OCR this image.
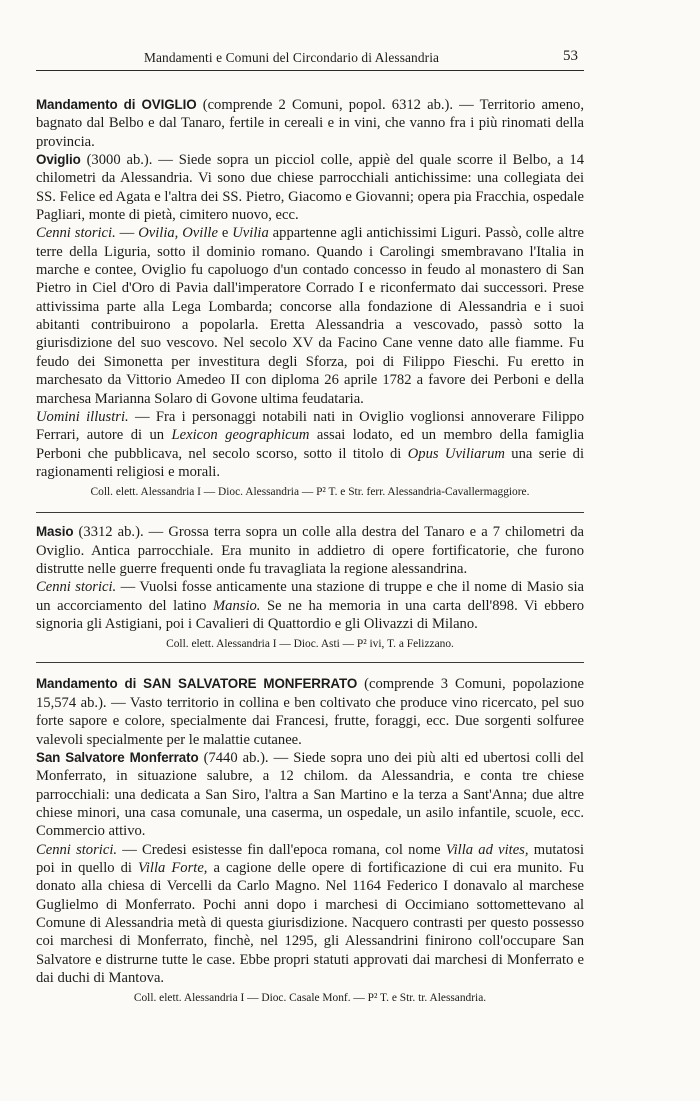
Mandamenti e Comuni del Circondario di Alessandria	53

Mandamento di OVIGLIO (comprende 2 Comuni, popol. 6312 ab.). — Territorio ameno, bagnato dal Belbo e dal Tanaro, fertile in cereali e in vini, che vanno fra i più rinomati della provincia.

Oviglio (3000 ab.). — Siede sopra un picciol colle, appiè del quale scorre il Belbo, a 14 chilometri da Alessandria. Vi sono due chiese parrocchiali antichissime: una collegiata dei SS. Felice ed Agata e l'altra dei SS. Pietro, Giacomo e Giovanni; opera pia Fracchia, ospedale Pagliari, monte di pietà, cimitero nuovo, ecc.

Cenni storici. — Ovilia, Oville e Uvilia appartenne agli antichissimi Liguri. Passò, colle altre terre della Liguria, sotto il dominio romano. Quando i Carolingi smembravano l'Italia in marche e contee, Oviglio fu capoluogo d'un contado concesso in feudo al monastero di San Pietro in Ciel d'Oro di Pavia dall'imperatore Corrado I e riconfermato dai successori. Prese attivissima parte alla Lega Lombarda; concorse alla fondazione di Alessandria e i suoi abitanti contribuirono a popolarla. Eretta Alessandria a vescovado, passò sotto la giurisdizione del suo vescovo. Nel secolo XV da Facino Cane venne dato alle fiamme. Fu feudo dei Simonetta per investitura degli Sforza, poi di Filippo Fieschi. Fu eretto in marchesato da Vittorio Amedeo II con diploma 26 aprile 1782 a favore dei Perboni e della marchesa Marianna Solaro di Govone ultima feudataria.

Uomini illustri. — Fra i personaggi notabili nati in Oviglio voglionsi annoverare Filippo Ferrari, autore di un Lexicon geographicum assai lodato, ed un membro della famiglia Perboni che pubblicava, nel secolo scorso, sotto il titolo di Opus Uviliarum una serie di ragionamenti religiosi e morali.

Coll. elett. Alessandria I — Dioc. Alessandria — P² T. e Str. ferr. Alessandria-Cavallermaggiore.

Masio (3312 ab.). — Grossa terra sopra un colle alla destra del Tanaro e a 7 chilometri da Oviglio. Antica parrocchiale. Era munito in addietro di opere fortificatorie, che furono distrutte nelle guerre frequenti onde fu travagliata la regione alessandrina.

Cenni storici. — Vuolsi fosse anticamente una stazione di truppe e che il nome di Masio sia un accorciamento del latino Mansio. Se ne ha memoria in una carta dell'898. Vi ebbero signoria gli Astigiani, poi i Cavalieri di Quattordio e gli Olivazzi di Milano.

Coll. elett. Alessandria I — Dioc. Asti — P² ivi, T. a Felizzano.

Mandamento di SAN SALVATORE MONFERRATO (comprende 3 Comuni, popolazione 15,574 ab.). — Vasto territorio in collina e ben coltivato che produce vino ricercato, pel suo forte sapore e colore, specialmente dai Francesi, frutte, foraggi, ecc. Due sorgenti solfuree valevoli specialmente per le malattie cutanee.

San Salvatore Monferrato (7440 ab.). — Siede sopra uno dei più alti ed ubertosi colli del Monferrato, in situazione salubre, a 12 chilom. da Alessandria, e conta tre chiese parrocchiali: una dedicata a San Siro, l'altra a San Martino e la terza a Sant'Anna; due altre chiese minori, una casa comunale, una caserma, un ospedale, un asilo infantile, scuole, ecc. Commercio attivo.

Cenni storici. — Credesi esistesse fin dall'epoca romana, col nome Villa ad vites, mutatosi poi in quello di Villa Forte, a cagione delle opere di fortificazione di cui era munito. Fu donato alla chiesa di Vercelli da Carlo Magno. Nel 1164 Federico I donavalo al marchese Guglielmo di Monferrato. Pochi anni dopo i marchesi di Occimiano sottomettevano al Comune di Alessandria metà di questa giurisdizione. Nacquero contrasti per questo possesso coi marchesi di Monferrato, finchè, nel 1295, gli Alessandrini finirono coll'occupare San Salvatore e distrurne tutte le case. Ebbe propri statuti approvati dai marchesi di Monferrato e dai duchi di Mantova.

Coll. elett. Alessandria I — Dioc. Casale Monf. — P² T. e Str. tr. Alessandria.
